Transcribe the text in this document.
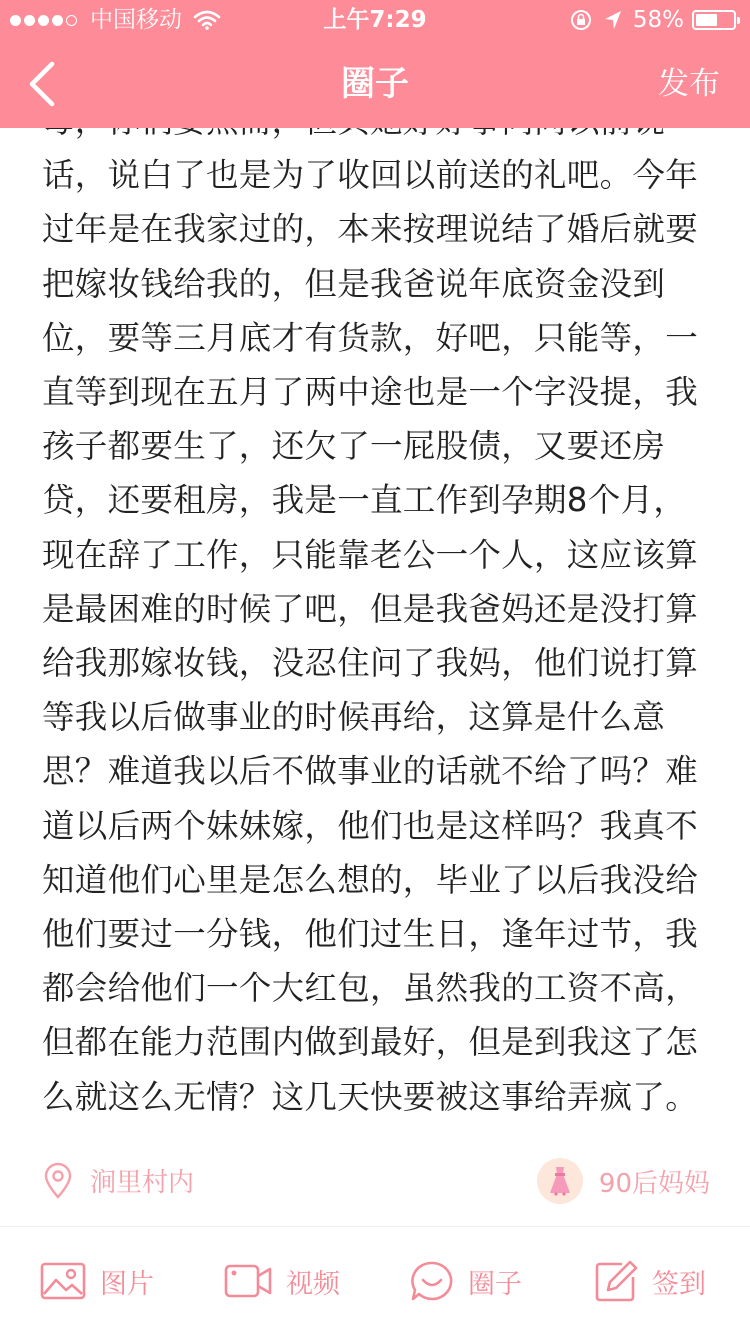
中国移动	上午7:29	58%
圈子	发布
话，说白了也是为了收回以前送的礼吧。今年过年是在我家过的，本来按理说结了婚后就要把嫁妆钱给我的，但是我爸说年底资金没到位，要等三月底才有货款，好吧，只能等，一直等到现在五月了两中途也是一个字没提，我孩子都要生了，还欠了一屁股债，又要还房贷，还要租房，我是一直工作到孕期8个月，现在辞了工作，只能靠老公一个人，这应该算是最困难的时候了吧，但是我爸妈还是没打算给我那嫁妆钱，没忍住问了我妈，他们说打算等我以后做事业的时候再给，这算是什么意思？难道我以后不做事业的话就不给了吗？难道以后两个妹妹嫁，他们也是这样吗？我真不知道他们心里是怎么想的，毕业了以后我没给他们要过一分钱，他们过生日，逢年过节，我都会给他们一个大红包，虽然我的工资不高，但都在能力范围内做到最好，但是到我这了怎么就这么无情？这几天快要被这事给弄疯了。
涧里村内	90后妈妈
图片	视频	圈子	签到
